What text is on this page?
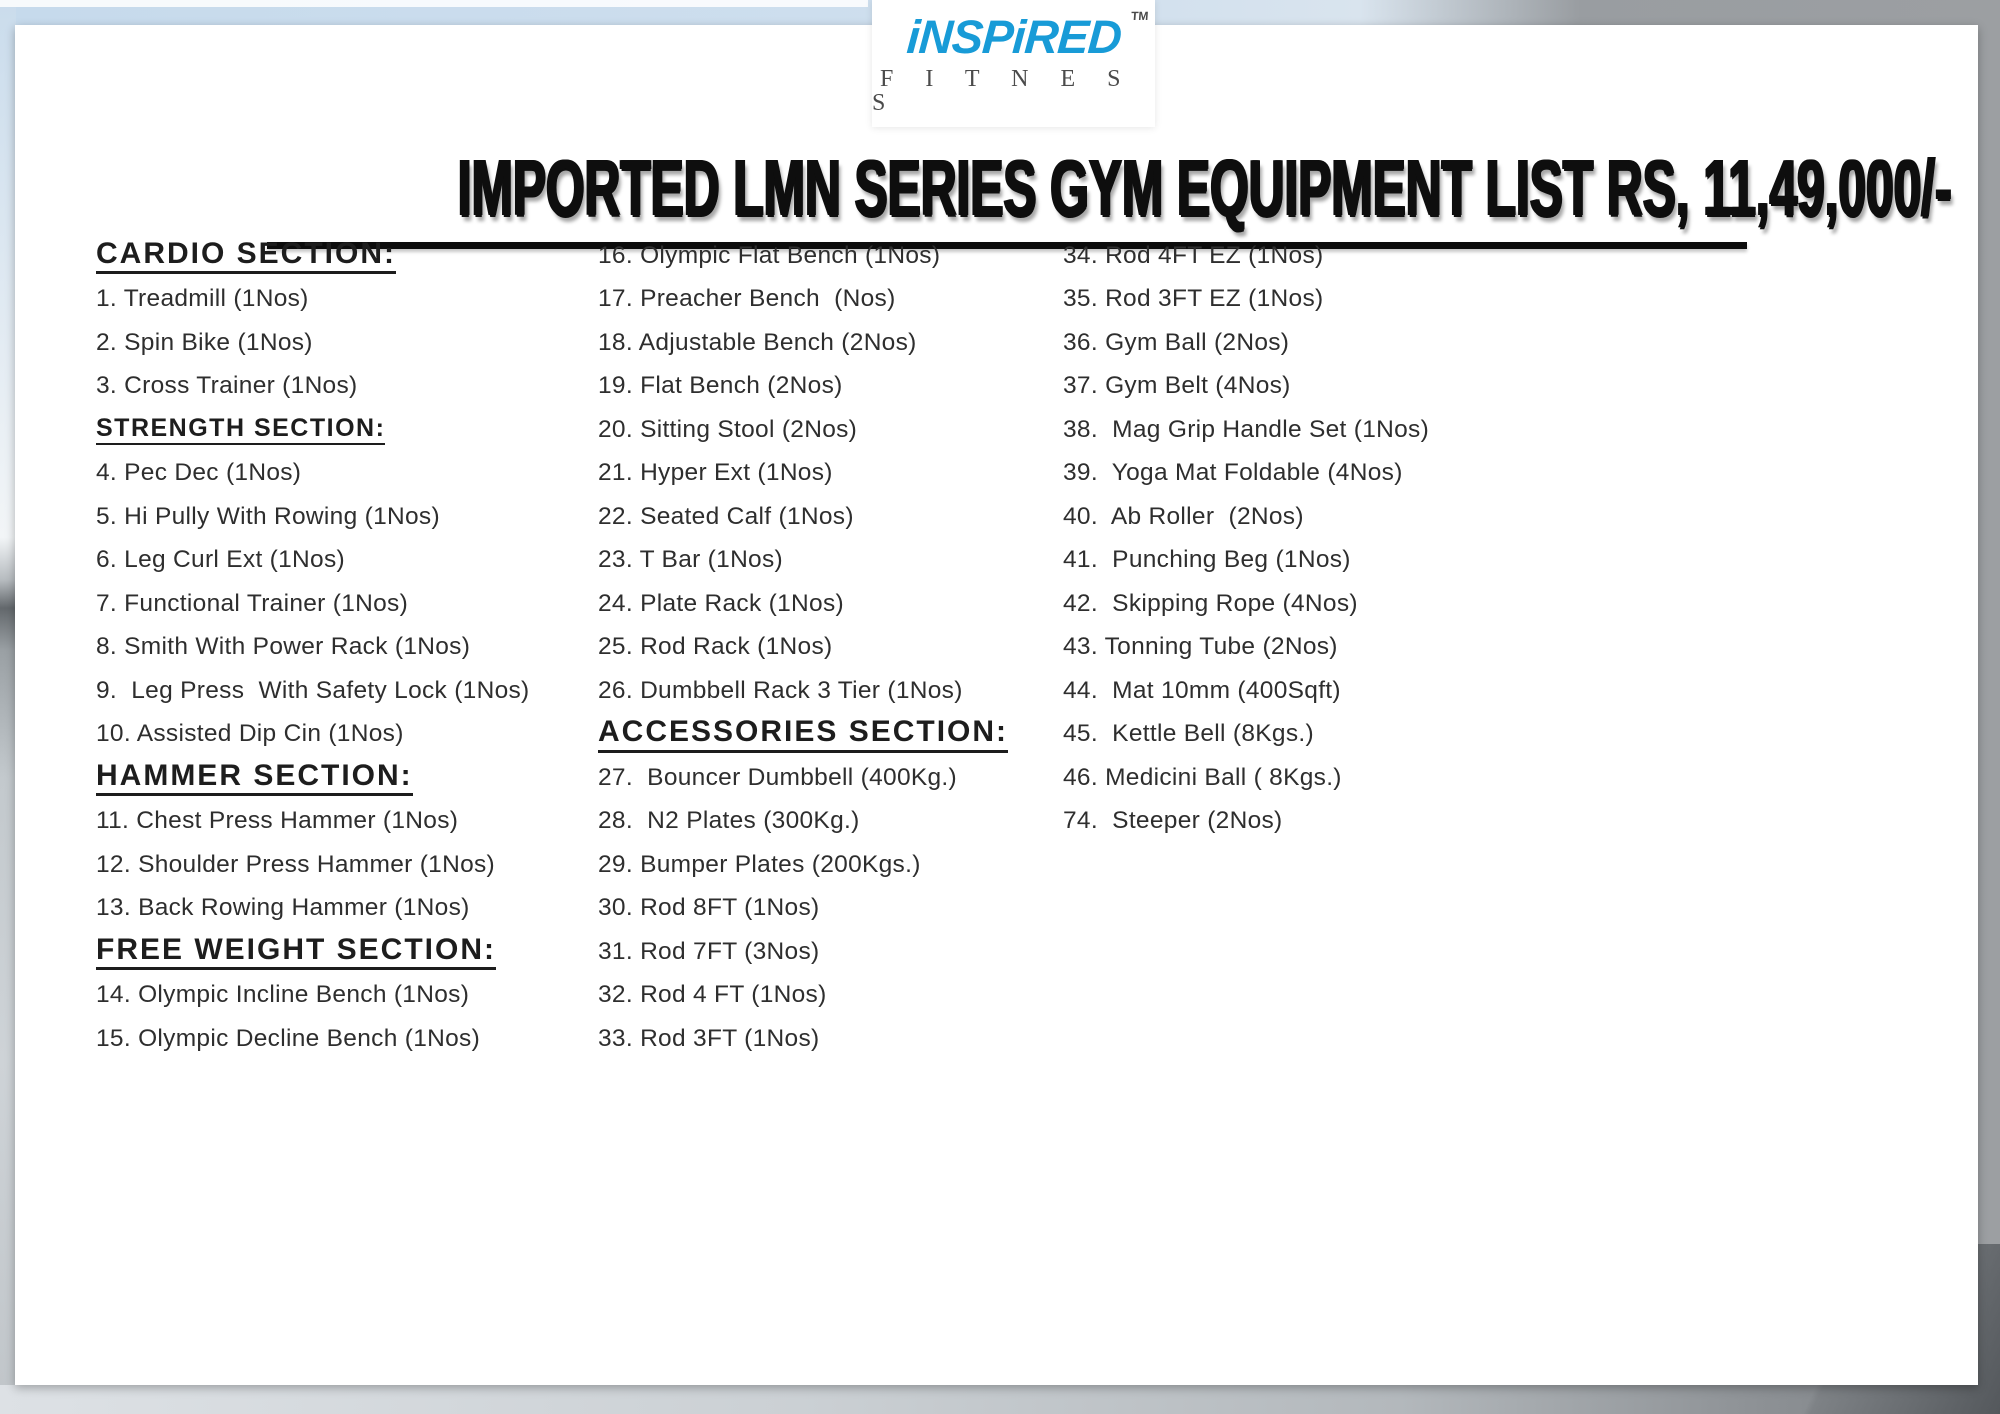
iNSPiRED TM
F I T N E S S
IMPORTED LMN SERIES GYM EQUIPMENT LIST RS, 11,49,000/-
CARDIO SECTION:
1. Treadmill (1Nos)
2. Spin Bike (1Nos)
3. Cross Trainer (1Nos)
STRENGTH SECTION:
4. Pec Dec (1Nos)
5. Hi Pully With Rowing (1Nos)
6. Leg Curl Ext (1Nos)
7. Functional Trainer (1Nos)
8. Smith With Power Rack (1Nos)
9.  Leg Press  With Safety Lock (1Nos)
10. Assisted Dip Cin (1Nos)
HAMMER SECTION:
11. Chest Press Hammer (1Nos)
12. Shoulder Press Hammer (1Nos)
13. Back Rowing Hammer (1Nos)
FREE WEIGHT SECTION:
14. Olympic Incline Bench (1Nos)
15. Olympic Decline Bench (1Nos)
16. Olympic Flat Bench (1Nos)
17. Preacher Bench  (Nos)
18. Adjustable Bench (2Nos)
19. Flat Bench (2Nos)
20. Sitting Stool (2Nos)
21. Hyper Ext (1Nos)
22. Seated Calf (1Nos)
23. T Bar (1Nos)
24. Plate Rack (1Nos)
25. Rod Rack (1Nos)
26. Dumbbell Rack 3 Tier (1Nos)
ACCESSORIES SECTION:
27.  Bouncer Dumbbell (400Kg.)
28.  N2 Plates (300Kg.)
29. Bumper Plates (200Kgs.)
30. Rod 8FT (1Nos)
31. Rod 7FT (3Nos)
32. Rod 4 FT (1Nos)
33. Rod 3FT (1Nos)
34. Rod 4FT EZ (1Nos)
35. Rod 3FT EZ (1Nos)
36. Gym Ball (2Nos)
37. Gym Belt (4Nos)
38.  Mag Grip Handle Set (1Nos)
39.  Yoga Mat Foldable (4Nos)
40.  Ab Roller  (2Nos)
41.  Punching Beg (1Nos)
42.  Skipping Rope (4Nos)
43. Tonning Tube (2Nos)
44.  Mat 10mm (400Sqft)
45.  Kettle Bell (8Kgs.)
46. Medicini Ball ( 8Kgs.)
74.  Steeper (2Nos)
